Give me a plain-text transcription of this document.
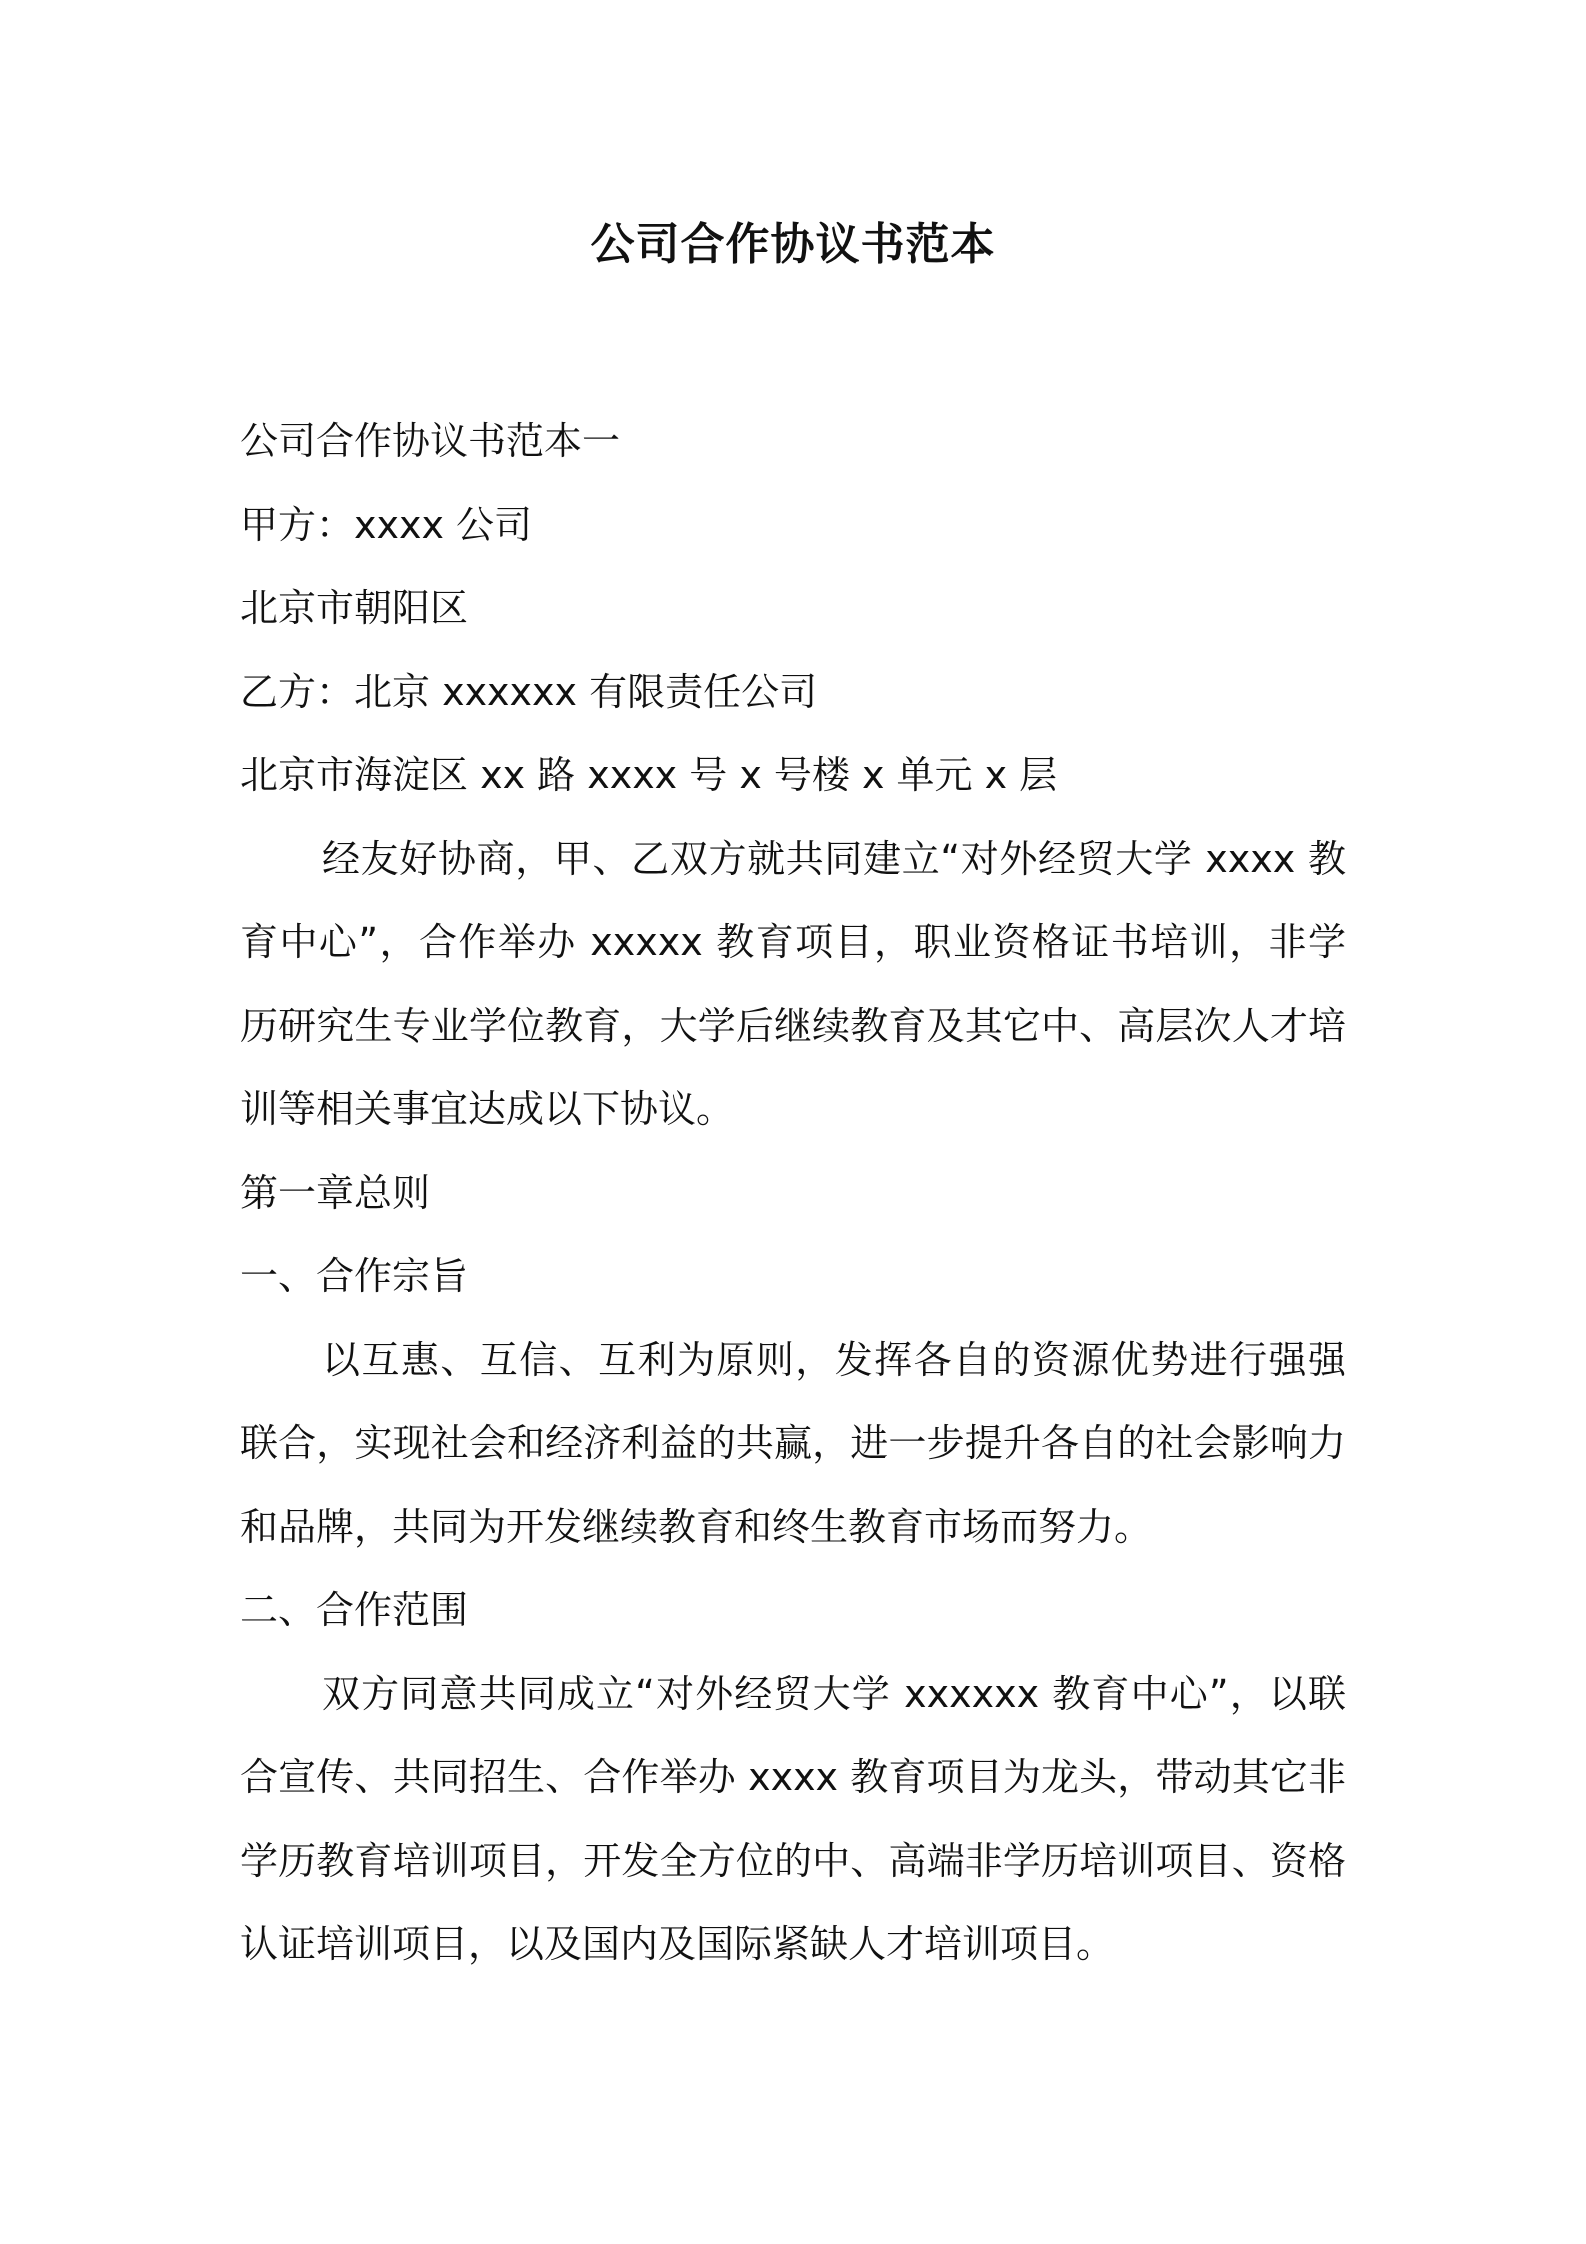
公司合作协议书范本

公司合作协议书范本一

甲方：xxxx 公司

北京市朝阳区

乙方：北京 xxxxxx 有限责任公司

北京市海淀区 xx 路 xxxx 号 x 号楼 x 单元 x 层

经友好协商，甲、乙双方就共同建立“对外经贸大学 xxxx 教育中心”，合作举办 xxxxx 教育项目，职业资格证书培训，非学历研究生专业学位教育，大学后继续教育及其它中、高层次人才培训等相关事宜达成以下协议。

第一章总则

一、合作宗旨

以互惠、互信、互利为原则，发挥各自的资源优势进行强强联合，实现社会和经济利益的共赢，进一步提升各自的社会影响力和品牌，共同为开发继续教育和终生教育市场而努力。

二、合作范围

双方同意共同成立“对外经贸大学 xxxxxx 教育中心”，以联合宣传、共同招生、合作举办 xxxx 教育项目为龙头，带动其它非学历教育培训项目，开发全方位的中、高端非学历培训项目、资格认证培训项目，以及国内及国际紧缺人才培训项目。
